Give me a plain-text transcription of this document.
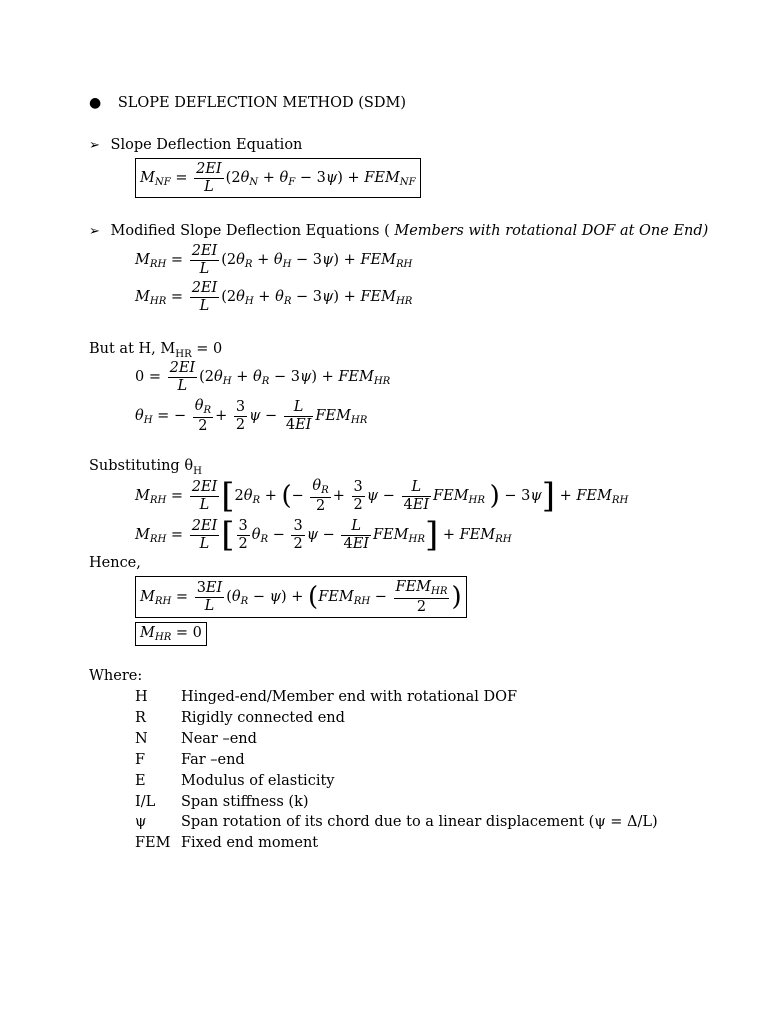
● SLOPE DEFLECTION METHOD (SDM)
➢ Slope Deflection Equation
$M_{NF} = \frac{2EI}{L} (2\theta_N + \theta_F - 3\psi) + FEM_{NF}$
➢ Modified Slope Deflection Equations ( Members with rotational DOF at One End)
$M_{RH} = \frac{2EI}{L} (2\theta_R + \theta_H - 3\psi) + FEM_{RH}$
$M_{HR} = \frac{2EI}{L} (2\theta_H + \theta_R - 3\psi) + FEM_{HR}$
But at H, $M_{HR} = 0$
$0 = \frac{2EI}{L} (2\theta_H + \theta_R - 3\psi) + FEM_{HR}$
$\theta_H$ = − $\frac{\theta_R}{2} + \frac{3}{2}$ $\psi - \frac{L}{4EI} FEM_{HR}$
Substituting $\theta_H$
$M_{RH} = \frac{2EI}{L} [2\theta_R$ + (− $\frac{\theta_R}{2} + \frac{3}{2}$ $\psi - \frac{L}{4EI} FEM_{HR}$ ) − $3\psi] + FEM_{RH}$
$M_{RH} = \frac{2EI}{L}$ [ $\frac{3}{2} \theta_R - \frac{3}{2}$ $\psi - \frac{L}{4EI} FEM_{HR}] + FEM_{RH}$
Hence,
$M_{RH} = \frac{3EI}{L} (\theta_R - \psi) + (FEM_{RH} - \frac{FEM_{HR}}{2}$ )
$M_{HR} = 0$
Where:
H Hinged-end/Member end with rotational DOF
R Rigidly connected end
N Near –end
F Far –end
E Modulus of elasticity
I/L Span stiffness (k)
ψ Span rotation of its chord due to a linear displacement (ψ = Δ/L)
FEM Fixed end moment
